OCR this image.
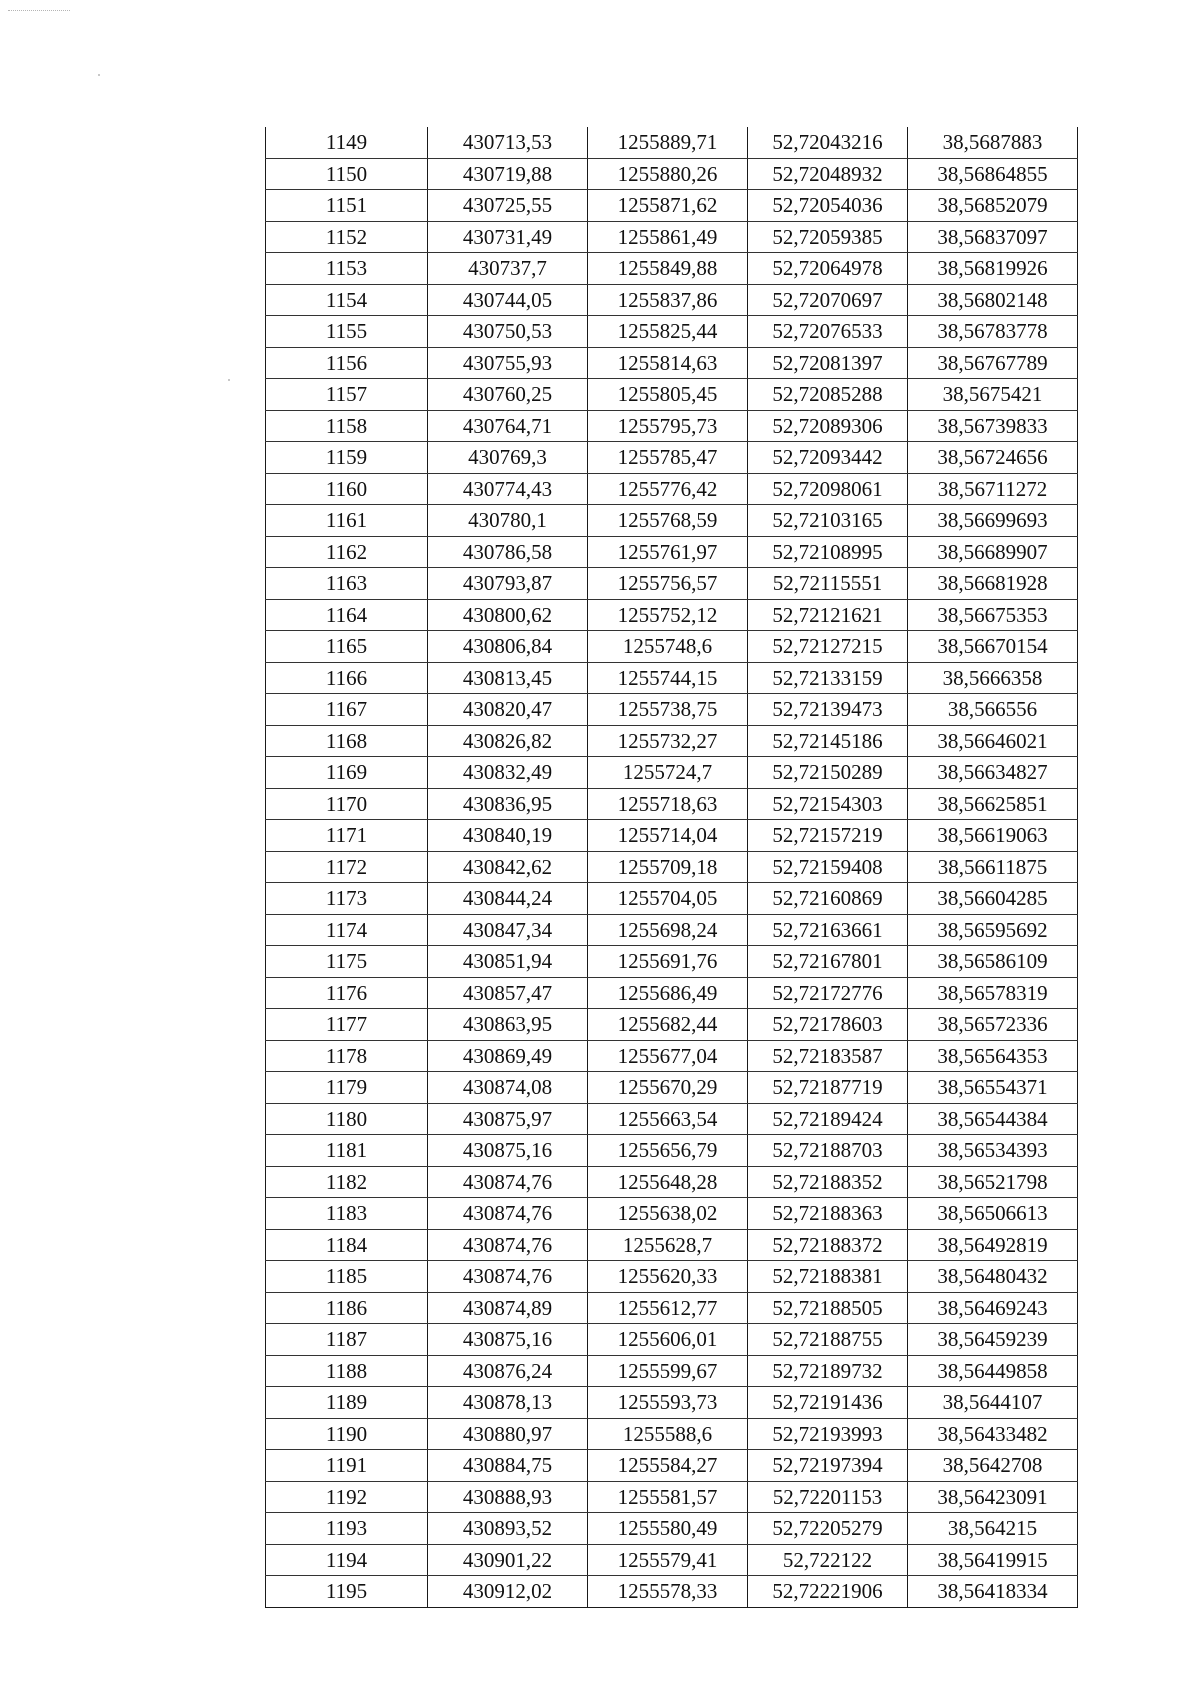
1149	430713,53	1255889,71	52,72043216	38,5687883
1150	430719,88	1255880,26	52,72048932	38,56864855
1151	430725,55	1255871,62	52,72054036	38,56852079
1152	430731,49	1255861,49	52,72059385	38,56837097
1153	430737,7	1255849,88	52,72064978	38,56819926
1154	430744,05	1255837,86	52,72070697	38,56802148
1155	430750,53	1255825,44	52,72076533	38,56783778
1156	430755,93	1255814,63	52,72081397	38,56767789
1157	430760,25	1255805,45	52,72085288	38,5675421
1158	430764,71	1255795,73	52,72089306	38,56739833
1159	430769,3	1255785,47	52,72093442	38,56724656
1160	430774,43	1255776,42	52,72098061	38,56711272
1161	430780,1	1255768,59	52,72103165	38,56699693
1162	430786,58	1255761,97	52,72108995	38,56689907
1163	430793,87	1255756,57	52,72115551	38,56681928
1164	430800,62	1255752,12	52,72121621	38,56675353
1165	430806,84	1255748,6	52,72127215	38,56670154
1166	430813,45	1255744,15	52,72133159	38,5666358
1167	430820,47	1255738,75	52,72139473	38,566556
1168	430826,82	1255732,27	52,72145186	38,56646021
1169	430832,49	1255724,7	52,72150289	38,56634827
1170	430836,95	1255718,63	52,72154303	38,56625851
1171	430840,19	1255714,04	52,72157219	38,56619063
1172	430842,62	1255709,18	52,72159408	38,56611875
1173	430844,24	1255704,05	52,72160869	38,56604285
1174	430847,34	1255698,24	52,72163661	38,56595692
1175	430851,94	1255691,76	52,72167801	38,56586109
1176	430857,47	1255686,49	52,72172776	38,56578319
1177	430863,95	1255682,44	52,72178603	38,56572336
1178	430869,49	1255677,04	52,72183587	38,56564353
1179	430874,08	1255670,29	52,72187719	38,56554371
1180	430875,97	1255663,54	52,72189424	38,56544384
1181	430875,16	1255656,79	52,72188703	38,56534393
1182	430874,76	1255648,28	52,72188352	38,56521798
1183	430874,76	1255638,02	52,72188363	38,56506613
1184	430874,76	1255628,7	52,72188372	38,56492819
1185	430874,76	1255620,33	52,72188381	38,56480432
1186	430874,89	1255612,77	52,72188505	38,56469243
1187	430875,16	1255606,01	52,72188755	38,56459239
1188	430876,24	1255599,67	52,72189732	38,56449858
1189	430878,13	1255593,73	52,72191436	38,5644107
1190	430880,97	1255588,6	52,72193993	38,56433482
1191	430884,75	1255584,27	52,72197394	38,5642708
1192	430888,93	1255581,57	52,72201153	38,56423091
1193	430893,52	1255580,49	52,72205279	38,564215
1194	430901,22	1255579,41	52,722122	38,56419915
1195	430912,02	1255578,33	52,72221906	38,56418334
